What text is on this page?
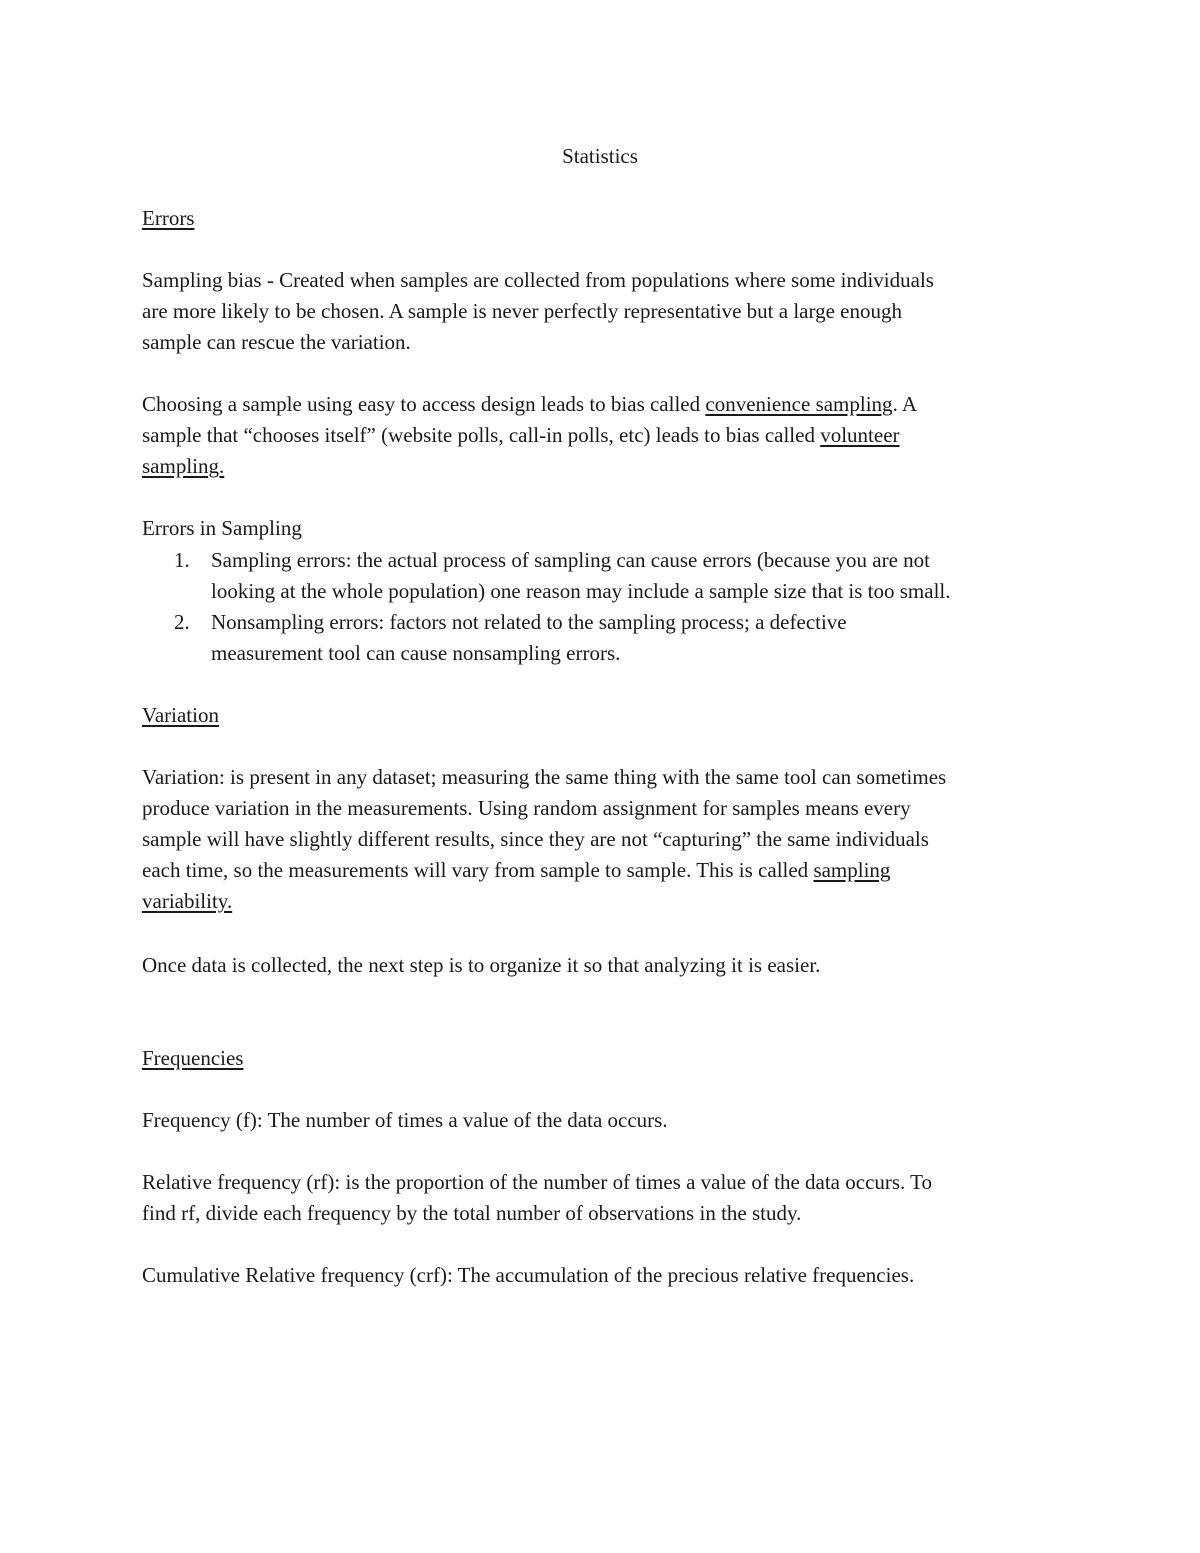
Statistics
Errors
Sampling bias - Created when samples are collected from populations where some individuals
are more likely to be chosen. A sample is never perfectly representative but a large enough
sample can rescue the variation.
Choosing a sample using easy to access design leads to bias called convenience sampling. A
sample that “chooses itself” (website polls, call-in polls, etc) leads to bias called volunteer
sampling.
Errors in Sampling
1. Sampling errors: the actual process of sampling can cause errors (because you are not
looking at the whole population) one reason may include a sample size that is too small.
2. Nonsampling errors: factors not related to the sampling process; a defective
measurement tool can cause nonsampling errors.
Variation
Variation: is present in any dataset; measuring the same thing with the same tool can sometimes
produce variation in the measurements. Using random assignment for samples means every
sample will have slightly different results, since they are not “capturing” the same individuals
each time, so the measurements will vary from sample to sample. This is called sampling
variability.
Once data is collected, the next step is to organize it so that analyzing it is easier.
Frequencies
Frequency (f): The number of times a value of the data occurs.
Relative frequency (rf): is the proportion of the number of times a value of the data occurs. To
find rf, divide each frequency by the total number of observations in the study.
Cumulative Relative frequency (crf): The accumulation of the precious relative frequencies.
